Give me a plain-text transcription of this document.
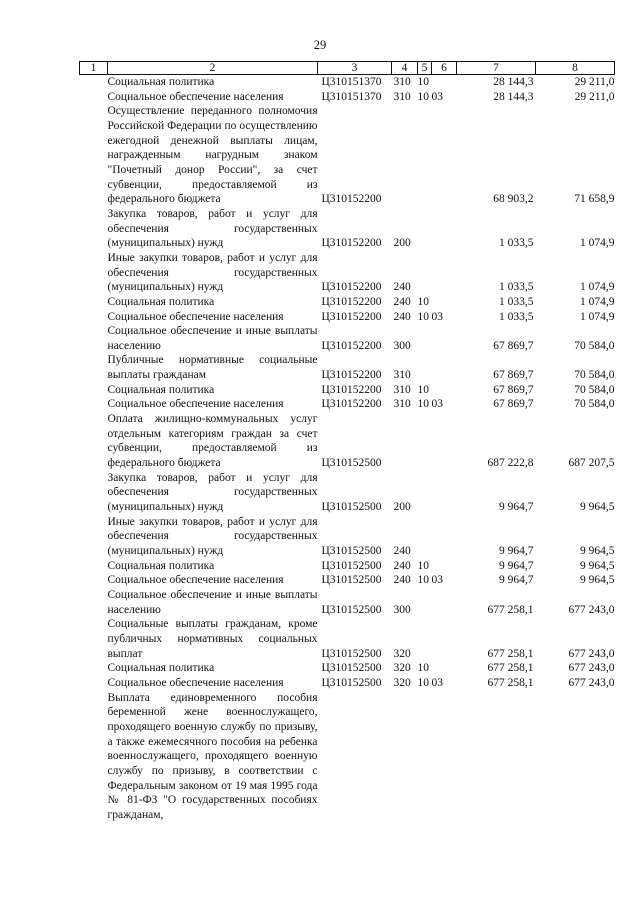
29
1	2	3	4	5	6	7	8
	Социальная политика	Ц310151370	310	10		28 144,3	29 211,0
	Социальное обеспечение населения	Ц310151370	310	10	03	28 144,3	29 211,0
	Осуществление переданного полномочия Российской Федерации по осуществлению ежегодной денежной выплаты лицам, награжденным нагрудным знаком "Почетный донор России", за счет субвенции, предоставляемой из федерального бюджета	Ц310152200				68 903,2	71 658,9
	Закупка товаров, работ и услуг для обеспечения государственных (муниципальных) нужд	Ц310152200	200			1 033,5	1 074,9
	Иные закупки товаров, работ и услуг для обеспечения государственных (муниципальных) нужд	Ц310152200	240			1 033,5	1 074,9
	Социальная политика	Ц310152200	240	10		1 033,5	1 074,9
	Социальное обеспечение населения	Ц310152200	240	10	03	1 033,5	1 074,9
	Социальное обеспечение и иные выплаты населению	Ц310152200	300			67 869,7	70 584,0
	Публичные нормативные социальные выплаты гражданам	Ц310152200	310			67 869,7	70 584,0
	Социальная политика	Ц310152200	310	10		67 869,7	70 584,0
	Социальное обеспечение населения	Ц310152200	310	10	03	67 869,7	70 584,0
	Оплата жилищно-коммунальных услуг отдельным категориям граждан за счет субвенции, предоставляемой из федерального бюджета	Ц310152500				687 222,8	687 207,5
	Закупка товаров, работ и услуг для обеспечения государственных (муниципальных) нужд	Ц310152500	200			9 964,7	9 964,5
	Иные закупки товаров, работ и услуг для обеспечения государственных (муниципальных) нужд	Ц310152500	240			9 964,7	9 964,5
	Социальная политика	Ц310152500	240	10		9 964,7	9 964,5
	Социальное обеспечение населения	Ц310152500	240	10	03	9 964,7	9 964,5
	Социальное обеспечение и иные выплаты населению	Ц310152500	300			677 258,1	677 243,0
	Социальные выплаты гражданам, кроме публичных нормативных социальных выплат	Ц310152500	320			677 258,1	677 243,0
	Социальная политика	Ц310152500	320	10		677 258,1	677 243,0
	Социальное обеспечение населения	Ц310152500	320	10	03	677 258,1	677 243,0
	Выплата единовременного пособия беременной жене военнослужащего, проходящего военную службу по призыву, а также ежемесячного пособия на ребенка военнослужащего, проходящего военную службу по призыву, в соответствии с Федеральным законом от 19 мая 1995 года № 81-ФЗ "О государственных пособиях гражданам,						
